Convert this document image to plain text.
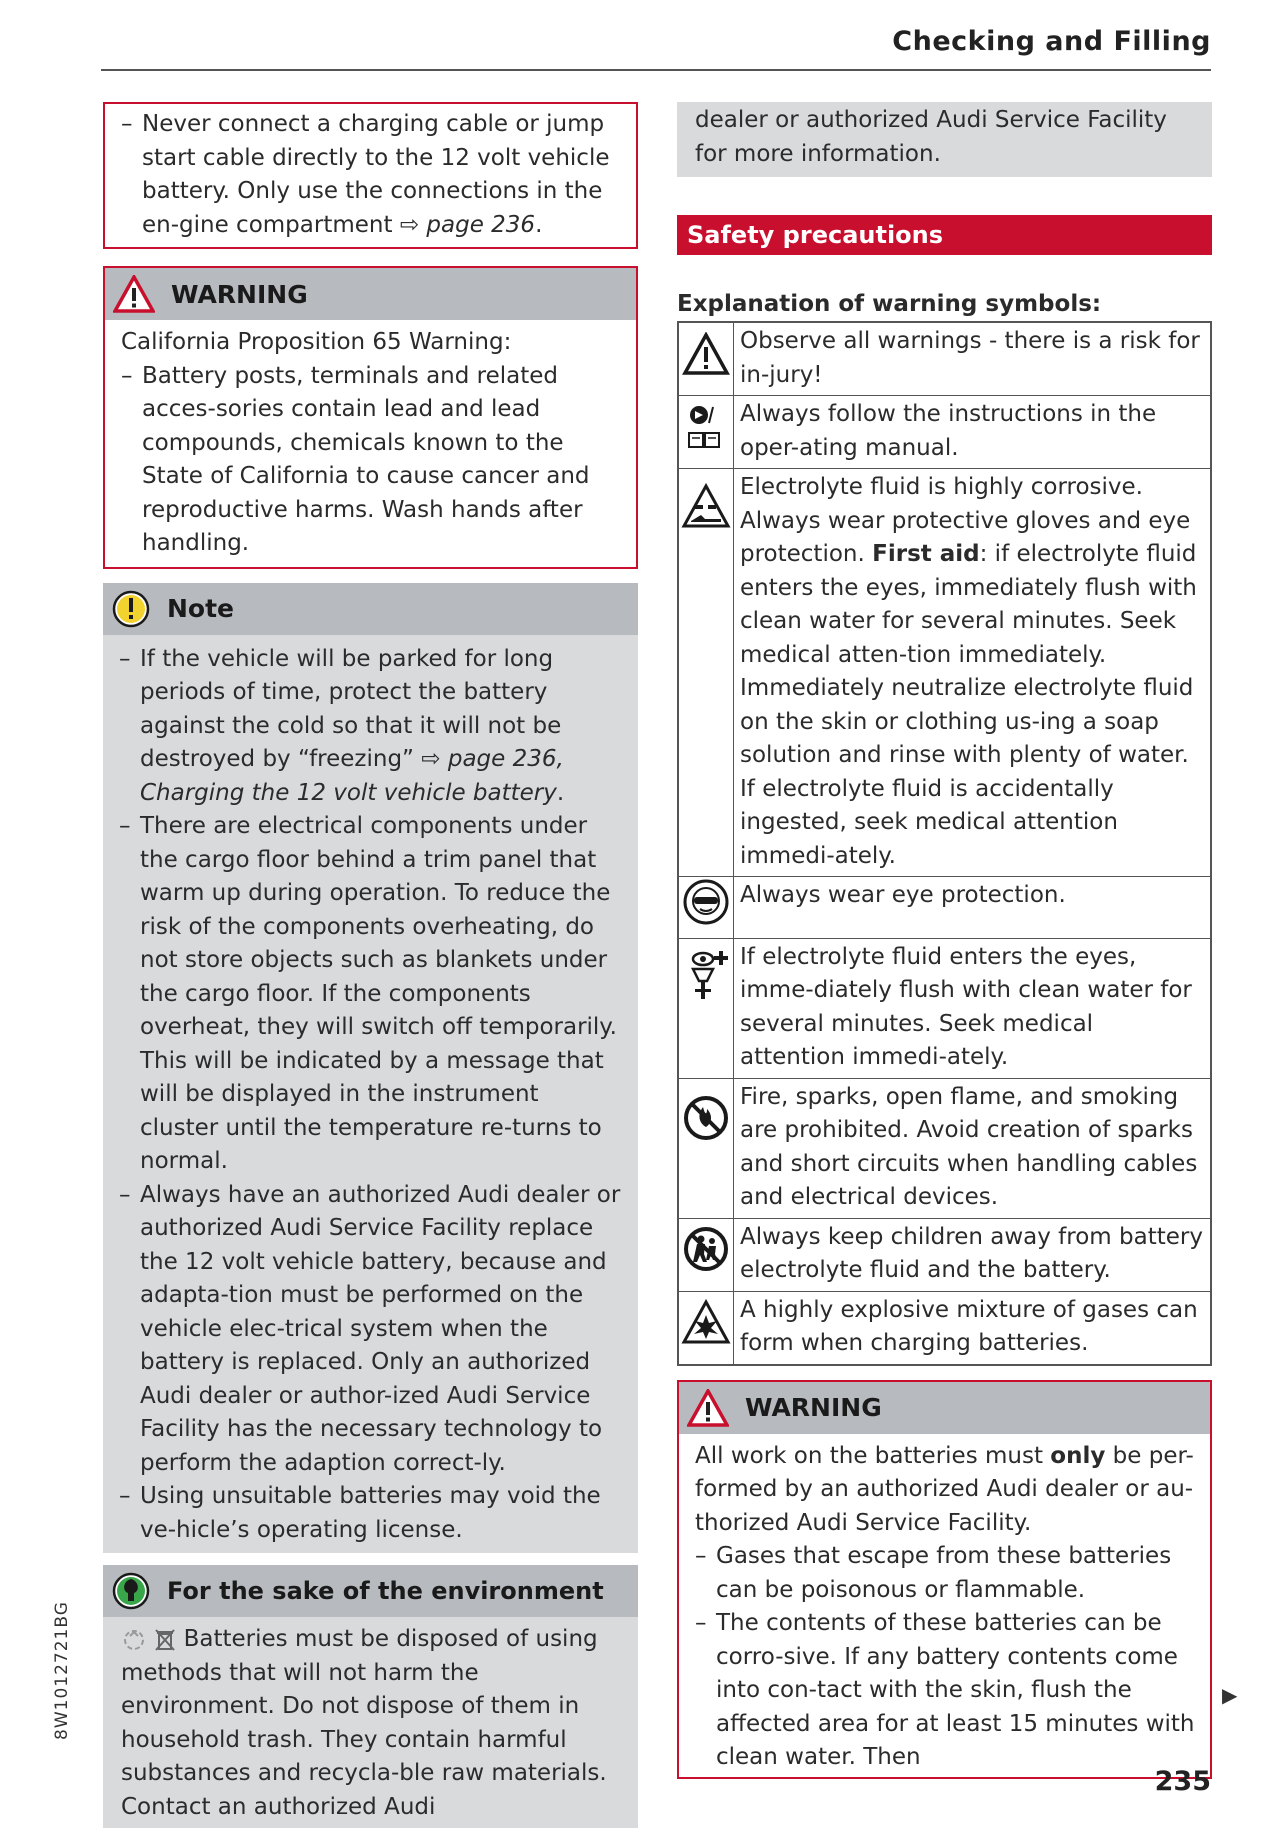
Checking and Filling
– Never connect a charging cable or jump start cable directly to the 12 volt vehicle battery. Only use the connections in the en-gine compartment ⇨ page 236.
WARNING
California Proposition 65 Warning:
– Battery posts, terminals and related acces-sories contain lead and lead compounds, chemicals known to the State of California to cause cancer and reproductive harms. Wash hands after handling.
Note
– If the vehicle will be parked for long periods of time, protect the battery against the cold so that it will not be destroyed by “freezing” ⇨ page 236, Charging the 12 volt vehicle battery.
– There are electrical components under the cargo floor behind a trim panel that warm up during operation. To reduce the risk of the components overheating, do not store objects such as blankets under the cargo floor. If the components overheat, they will switch off temporarily. This will be indicated by a message that will be displayed in the instrument cluster until the temperature re-turns to normal.
– Always have an authorized Audi dealer or authorized Audi Service Facility replace the 12 volt vehicle battery, because and adapta-tion must be performed on the vehicle elec-trical system when the battery is replaced. Only an authorized Audi dealer or author-ized Audi Service Facility has the necessary technology to perform the adaption correct-ly.
– Using unsuitable batteries may void the ve-hicle’s operating license.
For the sake of the environment
Batteries must be disposed of using methods that will not harm the environment. Do not dispose of them in household trash. They contain harmful substances and recycla-ble raw materials. Contact an authorized Audi
dealer or authorized Audi Service Facility for more information.
Safety precautions
Explanation of warning symbols:
	Observe all warnings - there is a risk for in-jury!
	Always follow the instructions in the oper-ating manual.
	Electrolyte fluid is highly corrosive. Always wear protective gloves and eye protection. First aid: if electrolyte fluid enters the eyes, immediately flush with clean water for several minutes. Seek medical atten-tion immediately. Immediately neutralize electrolyte fluid on the skin or clothing us-ing a soap solution and rinse with plenty of water. If electrolyte fluid is accidentally ingested, seek medical attention immedi-ately.
	Always wear eye protection.
	If electrolyte fluid enters the eyes, imme-diately flush with clean water for several minutes. Seek medical attention immedi-ately.
	Fire, sparks, open flame, and smoking are prohibited. Avoid creation of sparks and short circuits when handling cables and electrical devices.
	Always keep children away from battery electrolyte fluid and the battery.
	A highly explosive mixture of gases can form when charging batteries.
WARNING
All work on the batteries must only be per-formed by an authorized Audi dealer or au-thorized Audi Service Facility.
– Gases that escape from these batteries can be poisonous or flammable.
– The contents of these batteries can be corro-sive. If any battery contents come into con-tact with the skin, flush the affected area for at least 15 minutes with clean water. Then
▶
8W1012721BG
235
